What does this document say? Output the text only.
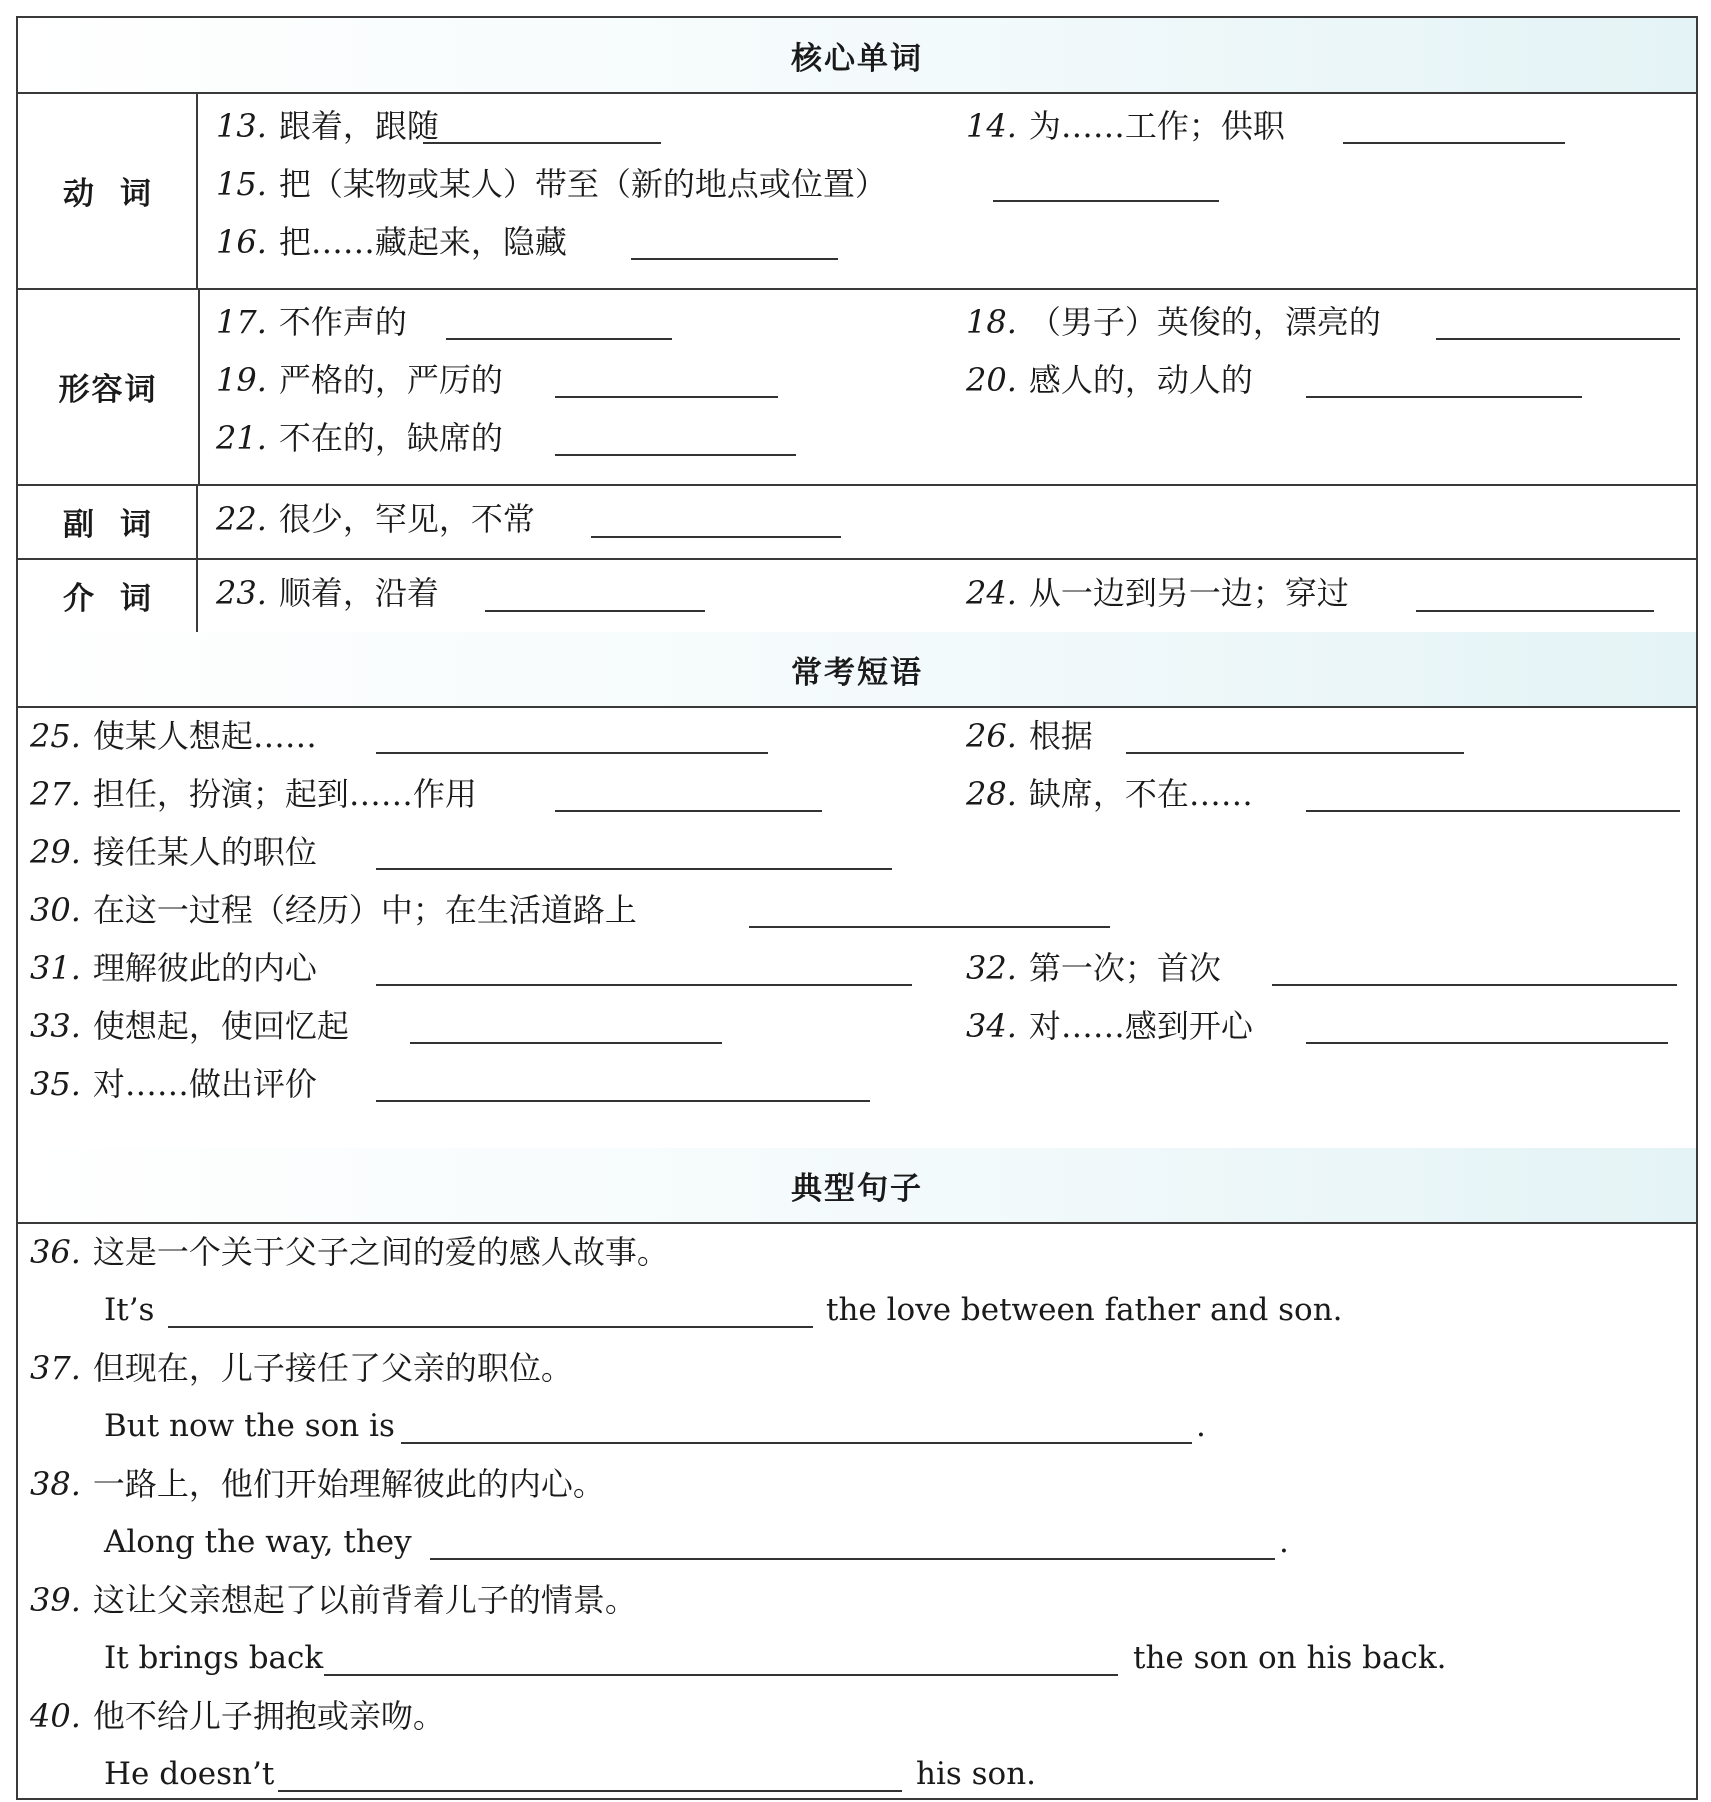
核心单词
动词
13. 跟着，跟随	14. 为……工作；供职
15. 把（某物或某人）带至（新的地点或位置）
16. 把……藏起来，隐藏
形容词
17. 不作声的	18. （男子）英俊的，漂亮的
19. 严格的，严厉的	20. 感人的，动人的
21. 不在的，缺席的
副词	22. 很少，罕见，不常
介词	23. 顺着，沿着	24. 从一边到另一边；穿过
常考短语
25. 使某人想起……	26. 根据
27. 担任，扮演；起到……作用	28. 缺席，不在……
29. 接任某人的职位
30. 在这一过程（经历）中；在生活道路上
31. 理解彼此的内心	32. 第一次；首次
33. 使想起，使回忆起	34. 对……感到开心
35. 对……做出评价
典型句子
36. 这是一个关于父子之间的爱的感人故事。
It’s	the love between father and son.
37. 但现在，儿子接任了父亲的职位。
But now the son is	.
38. 一路上，他们开始理解彼此的内心。
Along the way, they	.
39. 这让父亲想起了以前背着儿子的情景。
It brings back	the son on his back.
40. 他不给儿子拥抱或亲吻。
He doesn’t	his son.
